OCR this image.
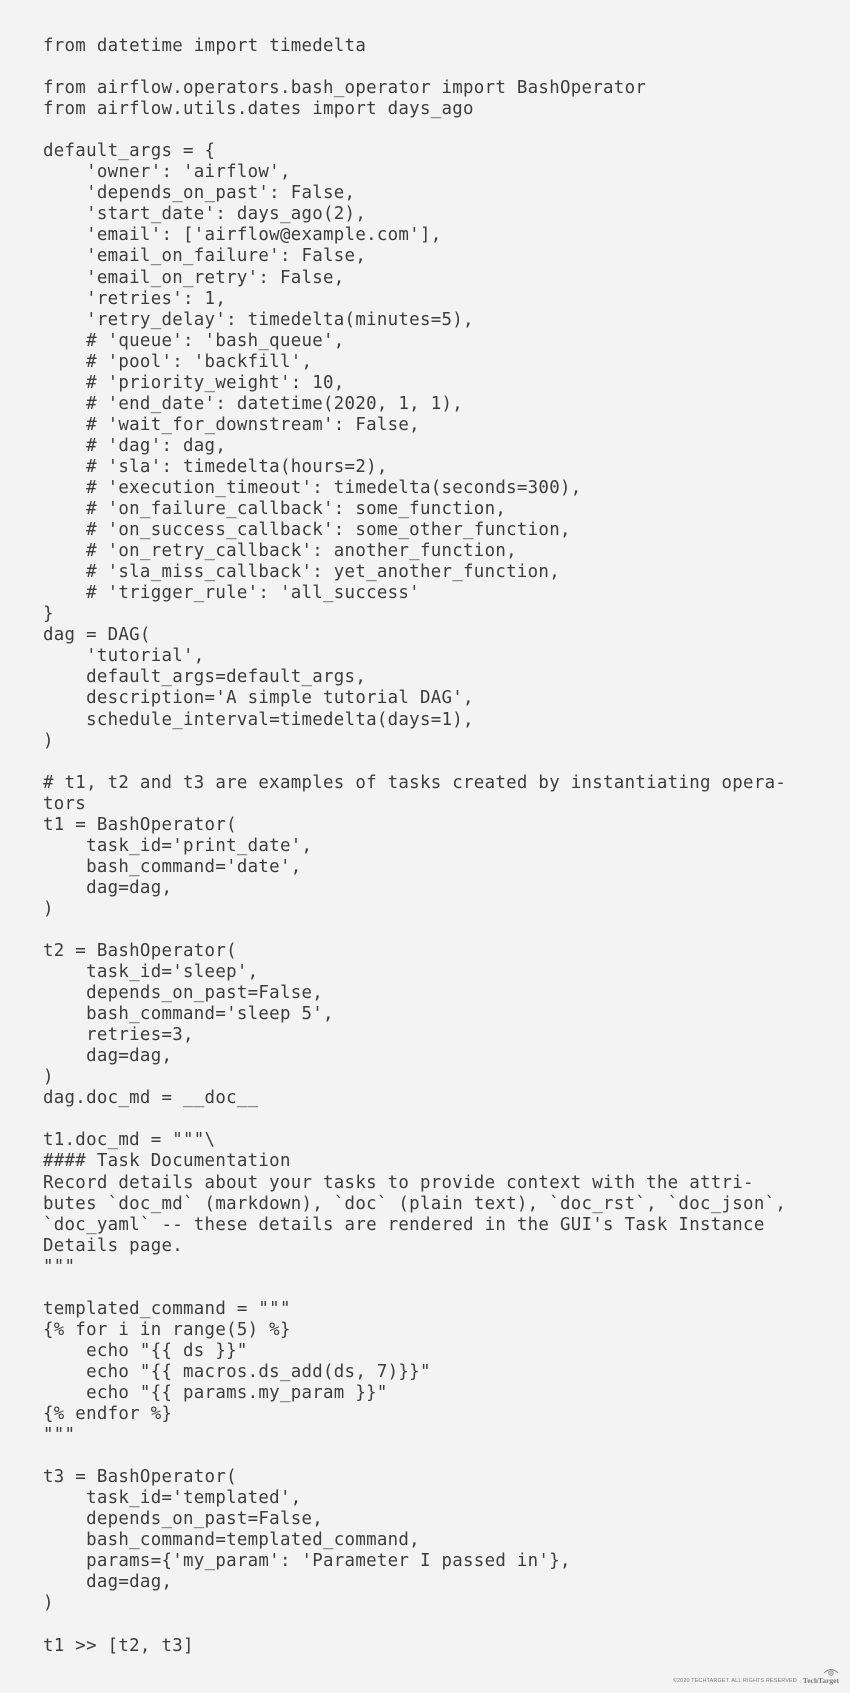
from datetime import timedelta
from airflow.operators.bash_operator import BashOperator
from airflow.utils.dates import days_ago
default_args = {
'owner': 'airflow',
'depends_on_past': False,
'start_date': days_ago(2),
'email': ['airflow@example.com'],
'email_on_failure': False,
'email_on_retry': False,
'retries': 1,
'retry_delay': timedelta(minutes=5),
# 'queue': 'bash_queue',
# 'pool': 'backfill',
# 'priority_weight': 10,
# 'end_date': datetime(2020, 1, 1),
# 'wait_for_downstream': False,
# 'dag': dag,
# 'sla': timedelta(hours=2),
# 'execution_timeout': timedelta(seconds=300),
# 'on_failure_callback': some_function,
# 'on_success_callback': some_other_function,
# 'on_retry_callback': another_function,
# 'sla_miss_callback': yet_another_function,
# 'trigger_rule': 'all_success'
}
dag = DAG(
'tutorial',
default_args=default_args,
description='A simple tutorial DAG',
schedule_interval=timedelta(days=1),
)
# t1, t2 and t3 are examples of tasks created by instantiating opera-
tors
t1 = BashOperator(
task_id='print_date',
bash_command='date',
dag=dag,
)
t2 = BashOperator(
task_id='sleep',
depends_on_past=False,
bash_command='sleep 5',
retries=3,
dag=dag,
)
dag.doc_md = __doc__
t1.doc_md = """\
#### Task Documentation
Record details about your tasks to provide context with the attri-
butes `doc_md` (markdown), `doc` (plain text), `doc_rst`, `doc_json`,
`doc_yaml` -- these details are rendered in the GUI's Task Instance
Details page.
"""
templated_command = """
{% for i in range(5) %}
echo "{{ ds }}"
echo "{{ macros.ds_add(ds, 7)}}"
echo "{{ params.my_param }}"
{% endfor %}
"""
t3 = BashOperator(
task_id='templated',
depends_on_past=False,
bash_command=templated_command,
params={'my_param': 'Parameter I passed in'},
dag=dag,
)
t1 >> [t2, t3]
©2020 TECHTARGET. ALL RIGHTS RESERVED TechTarget
